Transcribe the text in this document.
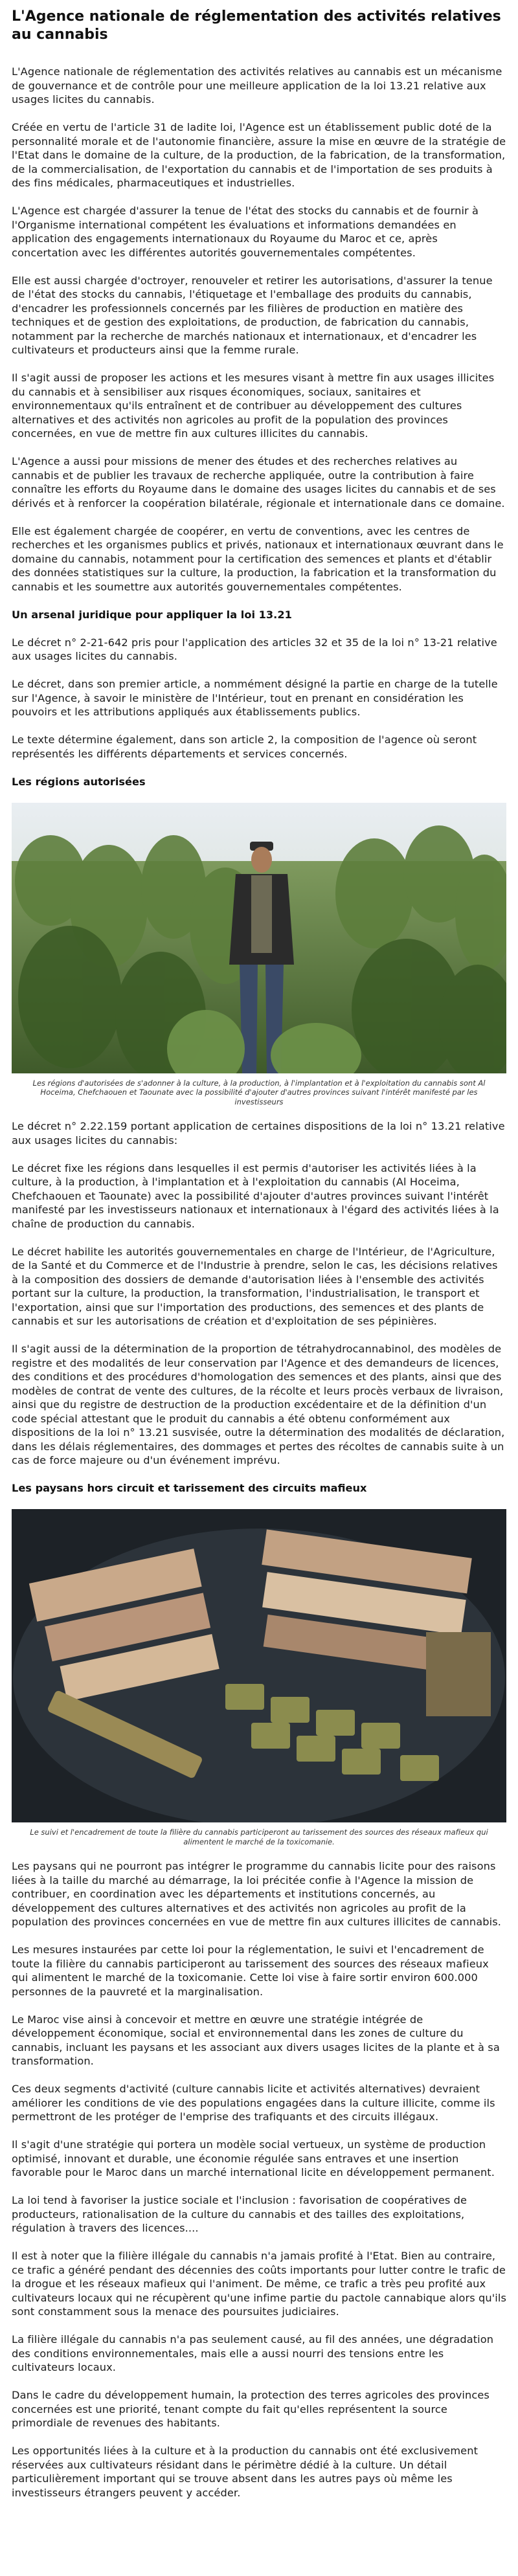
L'Agence nationale de réglementation des activités relatives au cannabis

L'Agence nationale de réglementation des activités relatives au cannabis est un mécanisme de gouvernance et de contrôle pour une meilleure application de la loi 13.21 relative aux usages licites du cannabis.

Créée en vertu de l'article 31 de ladite loi, l'Agence est un établissement public doté de la personnalité morale et de l'autonomie financière, assure la mise en œuvre de la stratégie de l'Etat dans le domaine de la culture, de la production, de la fabrication, de la transformation, de la commercialisation, de l'exportation du cannabis et de l'importation de ses produits à des fins médicales, pharmaceutiques et industrielles.

L'Agence est chargée d'assurer la tenue de l'état des stocks du cannabis et de fournir à l'Organisme international compétent les évaluations et informations demandées en application des engagements internationaux du Royaume du Maroc et ce, après concertation avec les différentes autorités gouvernementales compétentes.

Elle est aussi chargée d'octroyer, renouveler et retirer les autorisations, d'assurer la tenue de l'état des stocks du cannabis, l'étiquetage et l'emballage des produits du cannabis, d'encadrer les professionnels concernés par les filières de production en matière des techniques et de gestion des exploitations, de production, de fabrication du cannabis, notamment par la recherche de marchés nationaux et internationaux, et d'encadrer les cultivateurs et producteurs ainsi que la femme rurale.

Il s'agit aussi de proposer les actions et les mesures visant à mettre fin aux usages illicites du cannabis et à sensibiliser aux risques économiques, sociaux, sanitaires et environnementaux qu'ils entraînent et de contribuer au développement des cultures alternatives et des activités non agricoles au profit de la population des provinces concernées, en vue de mettre fin aux cultures illicites du cannabis.

L'Agence a aussi pour missions de mener des études et des recherches relatives au cannabis et de publier les travaux de recherche appliquée, outre la contribution à faire connaître les efforts du Royaume dans le domaine des usages licites du cannabis et de ses dérivés et à renforcer la coopération bilatérale, régionale et internationale dans ce domaine.

Elle est également chargée de coopérer, en vertu de conventions, avec les centres de recherches et les organismes publics et privés, nationaux et internationaux œuvrant dans le domaine du cannabis, notamment pour la certification des semences et plants et d'établir des données statistiques sur la culture, la production, la fabrication et la transformation du cannabis et les soumettre aux autorités gouvernementales compétentes.

Un arsenal juridique pour appliquer la loi 13.21

Le décret n° 2-21-642 pris pour l'application des articles 32 et 35 de la loi n° 13-21 relative aux usages licites du cannabis.

Le décret, dans son premier article, a nommément désigné la partie en charge de la tutelle sur l'Agence, à savoir le ministère de l'Intérieur, tout en prenant en considération les pouvoirs et les attributions appliqués aux établissements publics.

Le texte détermine également, dans son article 2, la composition de l'agence où seront représentés les différents départements et services concernés.

Les régions autorisées
Les régions d'autorisées de s'adonner à la culture, à la production, à l'implantation et à l'exploitation du cannabis sont Al Hoceima, Chefchaouen et Taounate avec la possibilité d'ajouter d'autres provinces suivant l'intérêt manifesté par les investisseurs

Le décret n° 2.22.159 portant application de certaines dispositions de la loi n° 13.21 relative aux usages licites du cannabis:

Le décret fixe les régions dans lesquelles il est permis d'autoriser les activités liées à la culture, à la production, à l'implantation et à l'exploitation du cannabis (Al Hoceima, Chefchaouen et Taounate) avec la possibilité d'ajouter d'autres provinces suivant l'intérêt manifesté par les investisseurs nationaux et internationaux à l'égard des activités liées à la chaîne de production du cannabis.

Le décret habilite les autorités gouvernementales en charge de l'Intérieur, de l'Agriculture, de la Santé et du Commerce et de l'Industrie à prendre, selon le cas, les décisions relatives à la composition des dossiers de demande d'autorisation liées à l'ensemble des activités portant sur la culture, la production, la transformation, l'industrialisation, le transport et l'exportation, ainsi que sur l'importation des productions, des semences et des plants de cannabis et sur les autorisations de création et d'exploitation de ses pépinières.

Il s'agit aussi de la détermination de la proportion de tétrahydrocannabinol, des modèles de registre et des modalités de leur conservation par l'Agence et des demandeurs de licences, des conditions et des procédures d'homologation des semences et des plants, ainsi que des modèles de contrat de vente des cultures, de la récolte et leurs procès verbaux de livraison, ainsi que du registre de destruction de la production excédentaire et de la définition d'un code spécial attestant que le produit du cannabis a été obtenu conformément aux dispositions de la loi n° 13.21 susvisée, outre la détermination des modalités de déclaration, dans les délais réglementaires, des dommages et pertes des récoltes de cannabis suite à un cas de force majeure ou d'un événement imprévu.

Les paysans hors circuit et tarissement des circuits mafieux
Le suivi et l'encadrement de toute la filière du cannabis participeront au tarissement des sources des réseaux mafieux qui alimentent le marché de la toxicomanie.

Les paysans qui ne pourront pas intégrer le programme du cannabis licite pour des raisons liées à la taille du marché au démarrage, la loi précitée confie à l'Agence la mission de contribuer, en coordination avec les départements et institutions concernés, au développement des cultures alternatives et des activités non agricoles au profit de la population des provinces concernées en vue de mettre fin aux cultures illicites de cannabis.

Les mesures instaurées par cette loi pour la réglementation, le suivi et l'encadrement de toute la filière du cannabis participeront au tarissement des sources des réseaux mafieux qui alimentent le marché de la toxicomanie. Cette loi vise à faire sortir environ 600.000 personnes de la pauvreté et la marginalisation.

Le Maroc vise ainsi à concevoir et mettre en œuvre une stratégie intégrée de développement économique, social et environnemental dans les zones de culture du cannabis, incluant les paysans et les associant aux divers usages licites de la plante et à sa transformation.

Ces deux segments d'activité (culture cannabis licite et activités alternatives) devraient améliorer les conditions de vie des populations engagées dans la culture illicite, comme ils permettront de les protéger de l'emprise des trafiquants et des circuits illégaux.

Il s'agit d'une stratégie qui portera un modèle social vertueux, un système de production optimisé, innovant et durable, une économie régulée sans entraves et une insertion favorable pour le Maroc dans un marché international licite en développement permanent.

La loi tend à favoriser la justice sociale et l'inclusion : favorisation de coopératives de producteurs, rationalisation de la culture du cannabis et des tailles des exploitations, régulation à travers des licences....

Il est à noter que la filière illégale du cannabis n'a jamais profité à l'Etat. Bien au contraire, ce trafic a généré pendant des décennies des coûts importants pour lutter contre le trafic de la drogue et les réseaux mafieux qui l'animent. De même, ce trafic a très peu profité aux cultivateurs locaux qui ne récupèrent qu'une infime partie du pactole cannabique alors qu'ils sont constamment sous la menace des poursuites judiciaires.

La filière illégale du cannabis n'a pas seulement causé, au fil des années, une dégradation des conditions environnementales, mais elle a aussi nourri des tensions entre les cultivateurs locaux.

Dans le cadre du développement humain, la protection des terres agricoles des provinces concernées est une priorité, tenant compte du fait qu'elles représentent la source primordiale de revenues des habitants.

Les opportunités liées à la culture et à la production du cannabis ont été exclusivement réservées aux cultivateurs résidant dans le périmètre dédié à la culture. Un détail particulièrement important qui se trouve absent dans les autres pays où même les investisseurs étrangers peuvent y accéder.
